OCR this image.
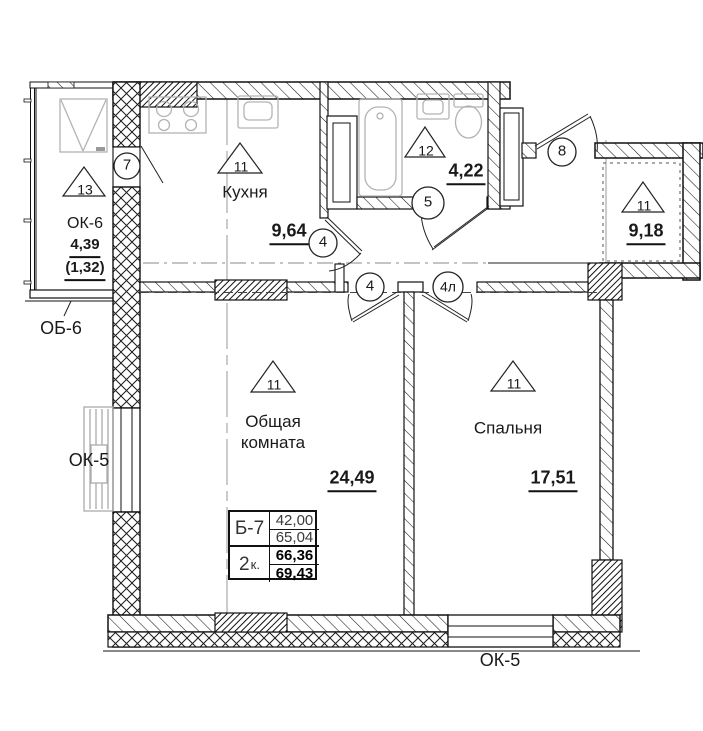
13
11
12
11
11	11
7
4
5
8
4	4л
Кухня
9,64
4,22
9,18
Общая комната
24,49
Спальня
17,51
ОК-6
4,39
(1,32)
ОБ-6
ОК-5
ОК-5
Б-7 42,00
65,04
2 к.
66,36
69,43
